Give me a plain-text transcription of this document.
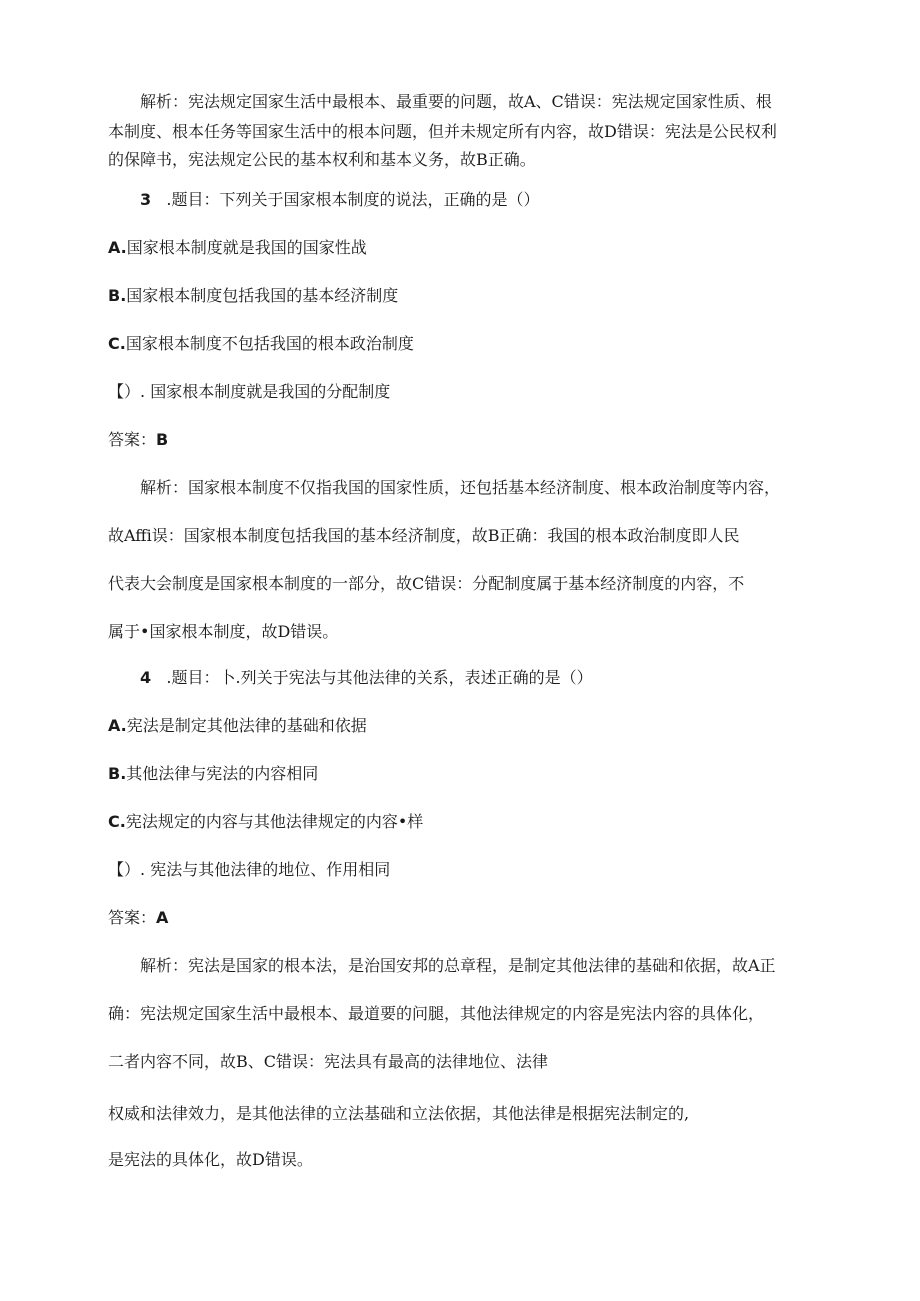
解析：宪法规定国家生活中最根本、最重要的问题，故A、C错误：宪法规定国家性质、根
本制度、根本任务等国家生活中的根本问题，但并未规定所有内容，故D错误：宪法是公民权利
的保障书，宪法规定公民的基本权利和基本义务，故B正确。
3 .题目：下列关于国家根本制度的说法，正确的是（）
A.国家根本制度就是我国的国家性战
B.国家根本制度包括我国的基本经济制度
C.国家根本制度不包括我国的根本政治制度
【）. 国家根本制度就是我国的分配制度
答案：B
解析：国家根本制度不仅指我国的国家性质，还包括基本经济制度、根本政治制度等内容，
故Affi误：国家根本制度包括我国的基本经济制度，故B正确：我国的根本政治制度即人民
代表大会制度是国家根本制度的一部分，故C错误：分配制度属于基本经济制度的内容，不
属于•国家根本制度，故D错误。
4 .题目：卜.列关于宪法与其他法律的关系，表述正确的是（）
A.宪法是制定其他法律的基础和依据
B.其他法律与宪法的内容相同
C.宪法规定的内容与其他法律规定的内容•样
【）. 宪法与其他法律的地位、作用相同
答案：A
解析：宪法是国家的根本法，是治国安邦的总章程，是制定其他法律的基础和依据，故A正
确：宪法规定国家生活中最根本、最道要的问腿，其他法律规定的内容是宪法内容的具体化，
二者内容不同，故B、C错误：宪法具有最高的法律地位、法律
权威和法律效力，是其他法律的立法基础和立法依据，其他法律是根据宪法制定的,
是宪法的具体化，故D错误。
